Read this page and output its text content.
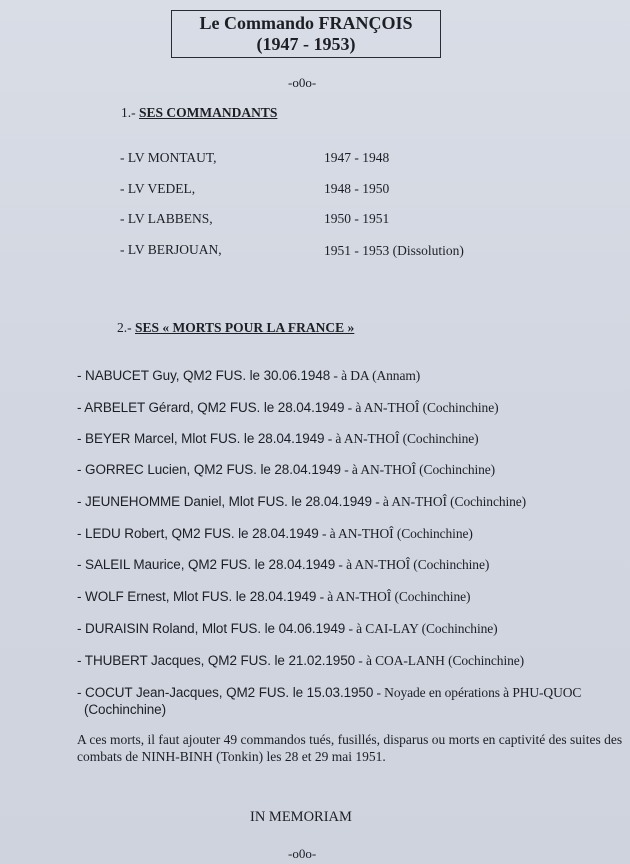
Le Commando FRANÇOIS
(1947 - 1953)
-o0o-
1.- SES COMMANDANTS
- LV MONTAUT,	1947 - 1948
- LV VEDEL,	1948 - 1950
- LV LABBENS,	1950 - 1951
- LV BERJOUAN,	1951 - 1953 (Dissolution)
2.- SES « MORTS POUR LA FRANCE »
- NABUCET Guy, QM2 FUS. le 30.06.1948 - à DA (Annam)
- ARBELET Gérard, QM2 FUS. le 28.04.1949 - à AN-THOÎ (Cochinchine)
- BEYER Marcel, Mlot FUS. le 28.04.1949 - à AN-THOÎ (Cochinchine)
- GORREC Lucien, QM2 FUS. le 28.04.1949 - à AN-THOÎ (Cochinchine)
- JEUNEHOMME Daniel, Mlot FUS. le 28.04.1949 - à AN-THOÎ (Cochinchine)
- LEDU Robert, QM2 FUS. le 28.04.1949 - à AN-THOÎ (Cochinchine)
- SALEIL Maurice, QM2 FUS. le 28.04.1949 - à AN-THOÎ (Cochinchine)
- WOLF Ernest, Mlot FUS. le 28.04.1949 - à AN-THOÎ (Cochinchine)
- DURAISIN Roland, Mlot FUS. le 04.06.1949 - à CAI-LAY (Cochinchine)
- THUBERT Jacques, QM2 FUS. le 21.02.1950 - à COA-LANH (Cochinchine)
- COCUT Jean-Jacques, QM2 FUS. le 15.03.1950 - Noyade en opérations à PHU-QUOC
(Cochinchine)
A ces morts, il faut ajouter 49 commandos tués, fusillés, disparus ou morts en captivité des suites des combats de NINH-BINH (Tonkin) les 28 et 29 mai 1951.
IN MEMORIAM
-o0o-
